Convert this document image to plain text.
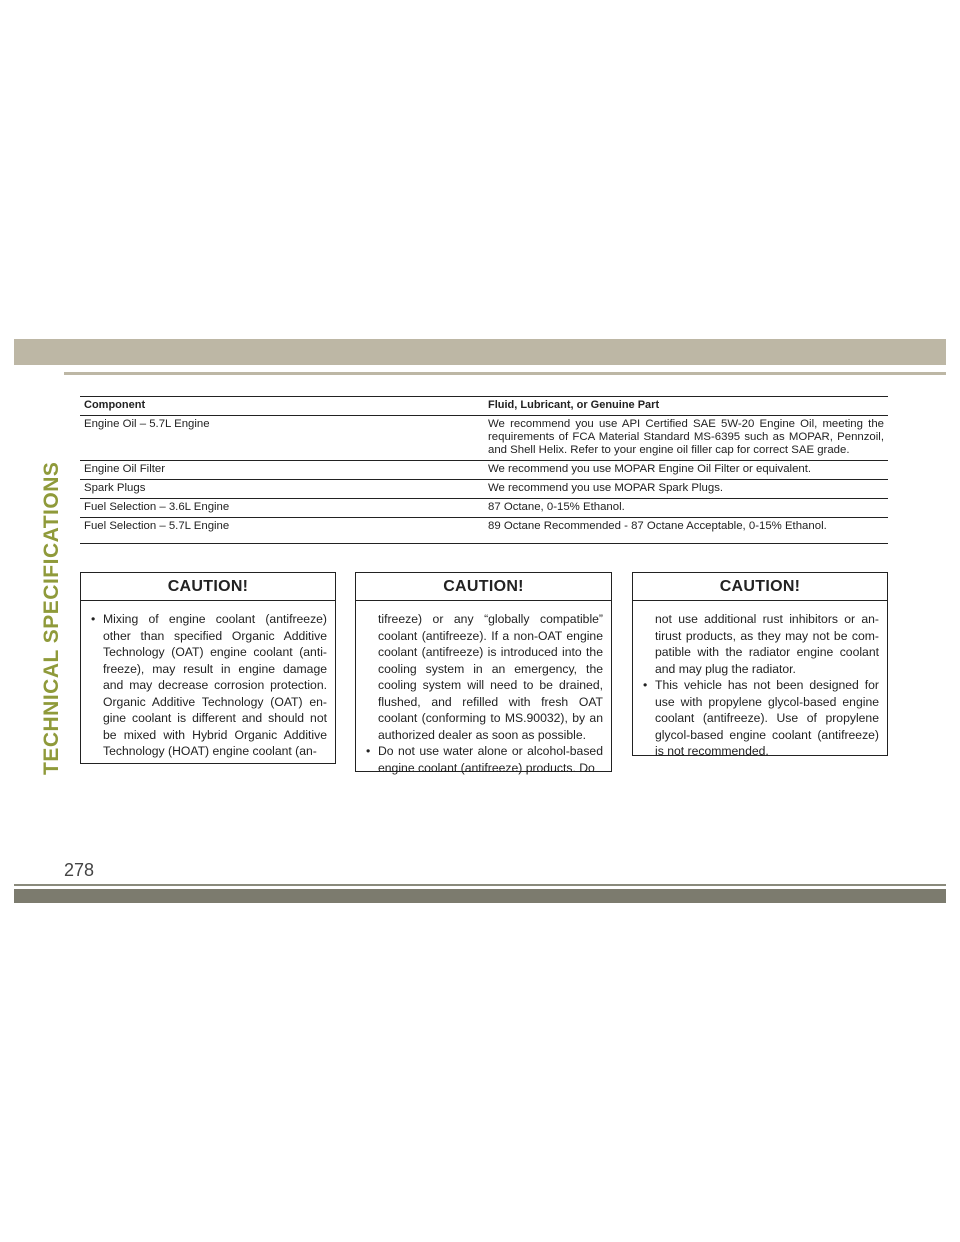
TECHNICAL SPECIFICATIONS
Component	Fluid, Lubricant, or Genuine Part
Engine Oil – 5.7L Engine	We recommend you use API Certified SAE 5W-20 Engine Oil, meeting the requirements of FCA Material Standard MS-6395 such as MOPAR, Pennzoil, and Shell Helix. Refer to your engine oil filler cap for correct SAE grade.
Engine Oil Filter	We recommend you use MOPAR Engine Oil Filter or equivalent.
Spark Plugs	We recommend you use MOPAR Spark Plugs.
Fuel Selection – 3.6L Engine	87 Octane, 0-15% Ethanol.
Fuel Selection – 5.7L Engine	89 Octane Recommended - 87 Octane Acceptable, 0-15% Ethanol.
CAUTION!
• Mixing of engine coolant (antifreeze) other than specified Organic Additive Technology (OAT) engine coolant (anti-freeze), may result in engine damage and may decrease corrosion protection. Organic Additive Technology (OAT) en-gine coolant is different and should not be mixed with Hybrid Organic Additive Technology (HOAT) engine coolant (an-

CAUTION!

tifreeze) or any “globally compatible” coolant (antifreeze). If a non-OAT engine coolant (antifreeze) is introduced into the cooling system in an emergency, the cooling system will need to be drained, flushed, and refilled with fresh OAT coolant (conforming to MS.90032), by an authorized dealer as soon as possible.

• Do not use water alone or alcohol-based engine coolant (antifreeze) products. Do

CAUTION!

not use additional rust inhibitors or an-tirust products, as they may not be com-patible with the radiator engine coolant and may plug the radiator.

• This vehicle has not been designed for use with propylene glycol-based engine coolant (antifreeze). Use of propylene glycol-based engine coolant (antifreeze) is not recommended.

278
